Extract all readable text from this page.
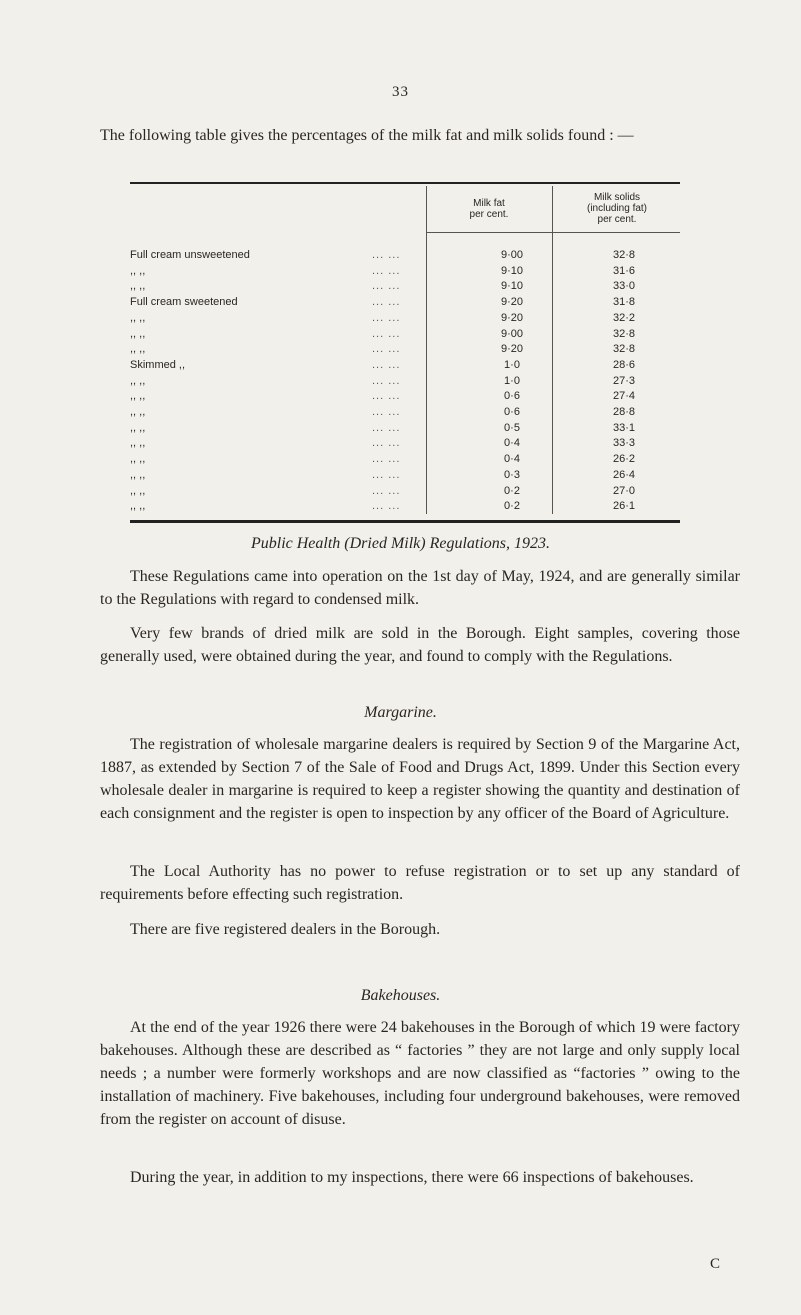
33
The following table gives the percentages of the milk fat and milk solids found : —
Milk fat
per cent.
Milk solids
(including fat)
per cent.
Full cream unsweetened		... ...	9·00	32·8
,, ,,		... ...	9·10	31·6
,, ,,		... ...	9·10	33·0
Full cream sweetened		... ...	9·20	31·8
,, ,,		... ...	9·20	32·2
,, ,,		... ...	9·00	32·8
,, ,,		... ...	9·20	32·8
Skimmed ,,		... ...	1·0	28·6
,, ,,		... ...	1·0	27·3
,, ,,		... ...	0·6	27·4
,, ,,		... ...	0·6	28·8
,, ,,		... ...	0·5	33·1
,, ,,		... ...	0·4	33·3
,, ,,		... ...	0·4	26·2
,, ,,		... ...	0·3	26·4
,, ,,		... ...	0·2	27·0
,, ,,		... ...	0·2	26·1
Public Health (Dried Milk) Regulations, 1923.
These Regulations came into operation on the 1st day of May, 1924, and are generally similar to the Regulations with regard to condensed milk.
Very few brands of dried milk are sold in the Borough. Eight samples, covering those generally used, were obtained during the year, and found to comply with the Regulations.
Margarine.
The registration of wholesale margarine dealers is required by Section 9 of the Margarine Act, 1887, as extended by Section 7 of the Sale of Food and Drugs Act, 1899. Under this Section every wholesale dealer in margarine is required to keep a register showing the quantity and destination of each consignment and the register is open to inspection by any officer of the Board of Agriculture.
The Local Authority has no power to refuse registration or to set up any standard of requirements before effecting such registration.
There are five registered dealers in the Borough.
Bakehouses.
At the end of the year 1926 there were 24 bakehouses in the Borough of which 19 were factory bakehouses. Although these are described as “ factories ” they are not large and only supply local needs ; a number were formerly workshops and are now classified as “factories ” owing to the installation of machinery. Five bakehouses, including four underground bakehouses, were removed from the register on account of disuse.
During the year, in addition to my inspections, there were 66 inspections of bakehouses.
C
